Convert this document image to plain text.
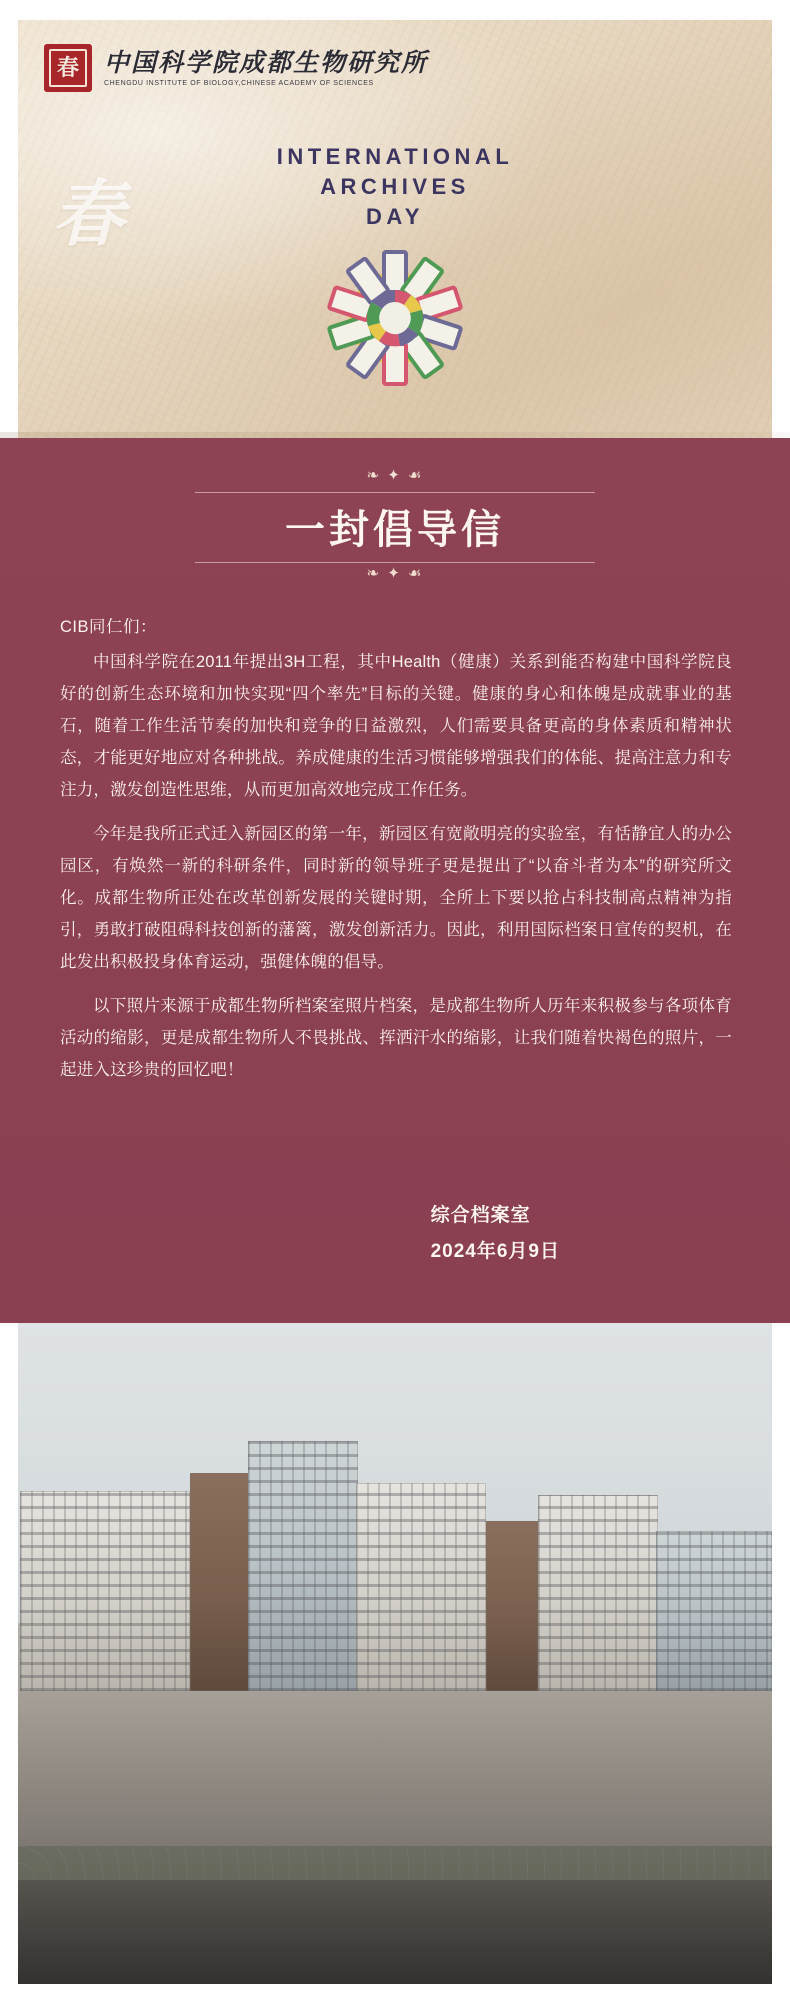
春
春	中国科学院成都生物研究所
CHENGDU INSTITUTE OF BIOLOGY,CHINESE ACADEMY OF SCIENCES
INTERNATIONAL
ARCHIVES
DAY
❧ ✦ ☙
一封倡导信
❧ ✦ ☙
CIB同仁们：

中国科学院在2011年提出3H工程，其中Health（健康）关系到能否构建中国科学院良好的创新生态环境和加快实现“四个率先”目标的关键。健康的身心和体魄是成就事业的基石，随着工作生活节奏的加快和竞争的日益激烈，人们需要具备更高的身体素质和精神状态，才能更好地应对各种挑战。养成健康的生活习惯能够增强我们的体能、提高注意力和专注力，激发创造性思维，从而更加高效地完成工作任务。

今年是我所正式迁入新园区的第一年，新园区有宽敞明亮的实验室，有恬静宜人的办公园区，有焕然一新的科研条件，同时新的领导班子更是提出了“以奋斗者为本”的研究所文化。成都生物所正处在改革创新发展的关键时期，全所上下要以抢占科技制高点精神为指引，勇敢打破阻碍科技创新的藩篱，激发创新活力。因此，利用国际档案日宣传的契机，在此发出积极投身体育运动，强健体魄的倡导。

以下照片来源于成都生物所档案室照片档案，是成都生物所人历年来积极参与各项体育活动的缩影，更是成都生物所人不畏挑战、挥洒汗水的缩影，让我们随着快褐色的照片，一起进入这珍贵的回忆吧！

综合档案室
2024年6月9日
